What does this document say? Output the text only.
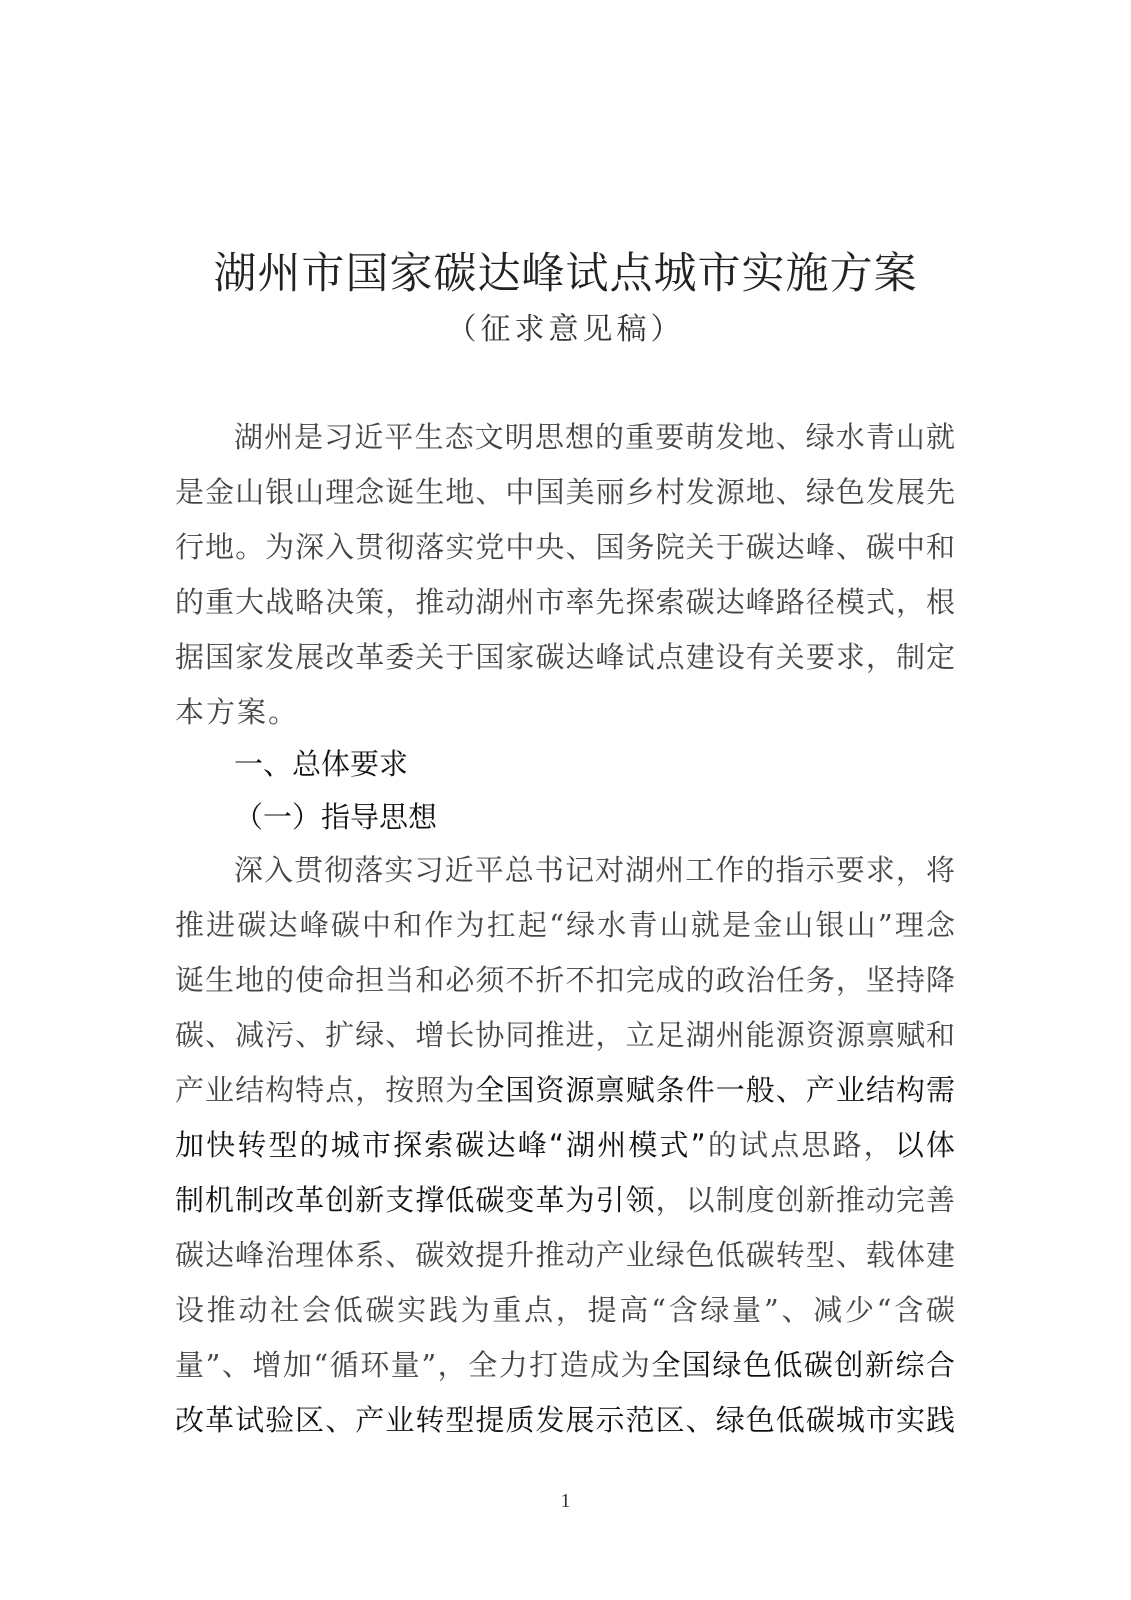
湖州市国家碳达峰试点城市实施方案
（征求意见稿）
湖州是习近平生态文明思想的重要萌发地、绿水青山就
是金山银山理念诞生地、中国美丽乡村发源地、绿色发展先
行地。为深入贯彻落实党中央、国务院关于碳达峰、碳中和
的重大战略决策，推动湖州市率先探索碳达峰路径模式，根
据国家发展改革委关于国家碳达峰试点建设有关要求，制定
本方案。
一、总体要求
（一）指导思想
深入贯彻落实习近平总书记对湖州工作的指示要求，将
推进碳达峰碳中和作为扛起“绿水青山就是金山银山”理念
诞生地的使命担当和必须不折不扣完成的政治任务，坚持降
碳、减污、扩绿、增长协同推进，立足湖州能源资源禀赋和
产业结构特点，按照为全国资源禀赋条件一般、产业结构需
加快转型的城市探索碳达峰“湖州模式”的试点思路，以体
制机制改革创新支撑低碳变革为引领，以制度创新推动完善
碳达峰治理体系、碳效提升推动产业绿色低碳转型、载体建
设推动社会低碳实践为重点，提高“含绿量”、减少“含碳
量”、增加“循环量”，全力打造成为全国绿色低碳创新综合
改革试验区、产业转型提质发展示范区、绿色低碳城市实践
1
